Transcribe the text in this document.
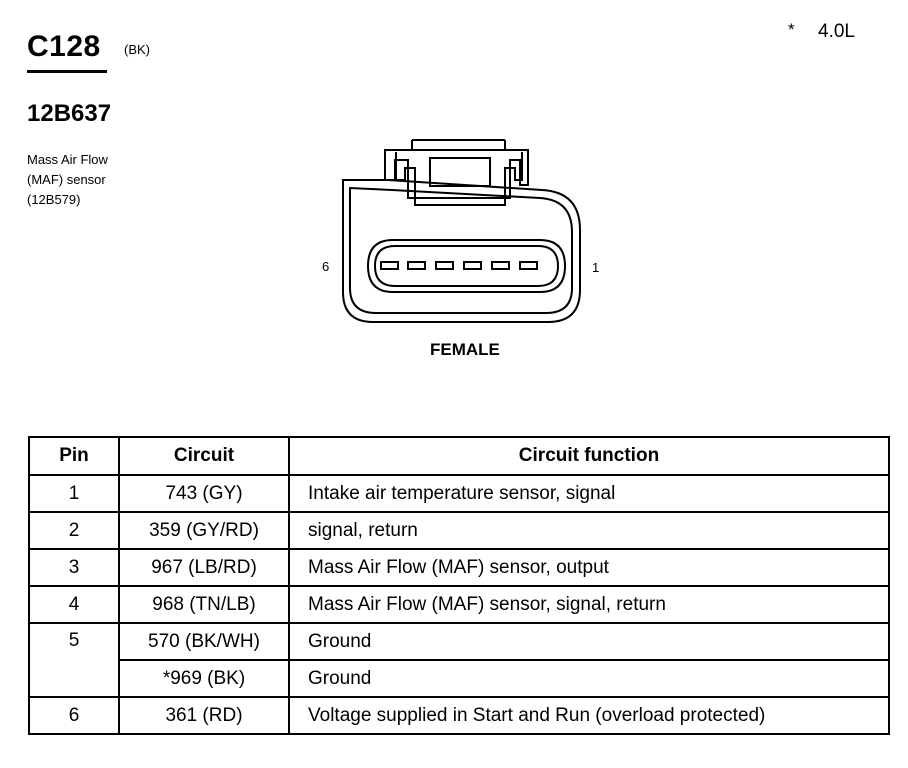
C128 (BK)
* 4.0L
12B637
Mass Air Flow
(MAF) sensor
(12B579)
6	1
FEMALE
Pin	Circuit	Circuit function
1	743 (GY)	Intake air temperature sensor, signal
2	359 (GY/RD)	signal, return
3	967 (LB/RD)	Mass Air Flow (MAF) sensor, output
4	968 (TN/LB)	Mass Air Flow (MAF) sensor, signal, return
5	570 (BK/WH)	Ground
	*969 (BK)	Ground
6	361 (RD)	Voltage supplied in Start and Run (overload protected)
